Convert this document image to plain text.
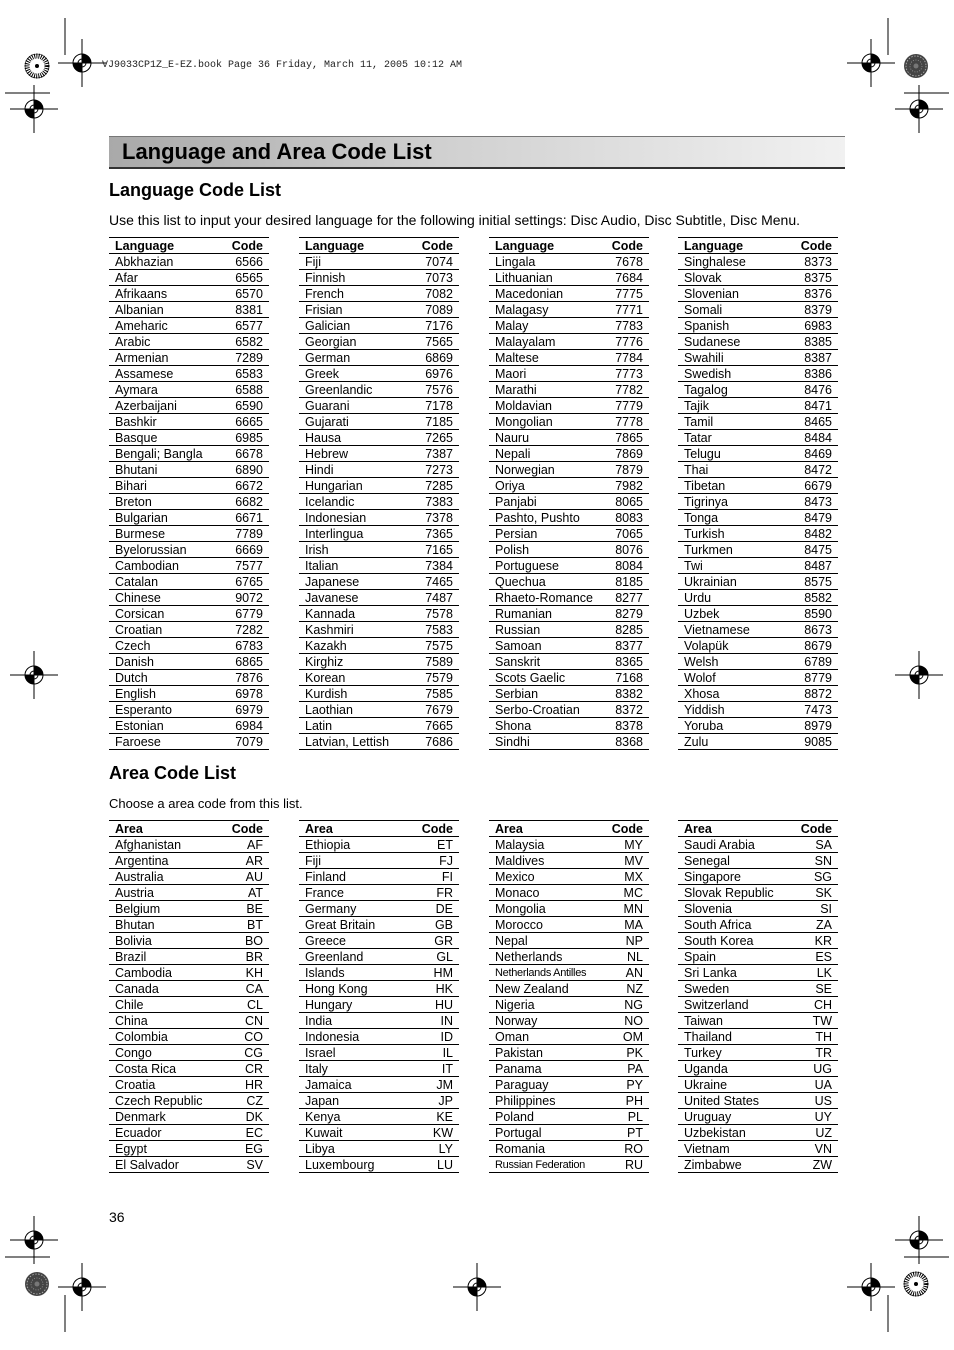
VJ9033CP1Z_E-EZ.book Page 36 Friday, March 11, 2005 10:12 AM
Language and Area Code List
Language Code List
Use this list to input your desired language for the following initial settings: Disc Audio, Disc Subtitle, Disc Menu.
Language	Code
Abkhazian	6566
Afar	6565
Afrikaans	6570
Albanian	8381
Ameharic	6577
Arabic	6582
Armenian	7289
Assamese	6583
Aymara	6588
Azerbaijani	6590
Bashkir	6665
Basque	6985
Bengali; Bangla	6678
Bhutani	6890
Bihari	6672
Breton	6682
Bulgarian	6671
Burmese	7789
Byelorussian	6669
Cambodian	7577
Catalan	6765
Chinese	9072
Corsican	6779
Croatian	7282
Czech	6783
Danish	6865
Dutch	7876
English	6978
Esperanto	6979
Estonian	6984
Faroese	7079
Language	Code
Fiji	7074
Finnish	7073
French	7082
Frisian	7089
Galician	7176
Georgian	7565
German	6869
Greek	6976
Greenlandic	7576
Guarani	7178
Gujarati	7185
Hausa	7265
Hebrew	7387
Hindi	7273
Hungarian	7285
Icelandic	7383
Indonesian	7378
Interlingua	7365
Irish	7165
Italian	7384
Japanese	7465
Javanese	7487
Kannada	7578
Kashmiri	7583
Kazakh	7575
Kirghiz	7589
Korean	7579
Kurdish	7585
Laothian	7679
Latin	7665
Latvian, Lettish	7686
Language	Code
Lingala	7678
Lithuanian	7684
Macedonian	7775
Malagasy	7771
Malay	7783
Malayalam	7776
Maltese	7784
Maori	7773
Marathi	7782
Moldavian	7779
Mongolian	7778
Nauru	7865
Nepali	7869
Norwegian	7879
Oriya	7982
Panjabi	8065
Pashto, Pushto	8083
Persian	7065
Polish	8076
Portuguese	8084
Quechua	8185
Rhaeto-Romance	8277
Rumanian	8279
Russian	8285
Samoan	8377
Sanskrit	8365
Scots Gaelic	7168
Serbian	8382
Serbo-Croatian	8372
Shona	8378
Sindhi	8368
Language	Code
Singhalese	8373
Slovak	8375
Slovenian	8376
Somali	8379
Spanish	6983
Sudanese	8385
Swahili	8387
Swedish	8386
Tagalog	8476
Tajik	8471
Tamil	8465
Tatar	8484
Telugu	8469
Thai	8472
Tibetan	6679
Tigrinya	8473
Tonga	8479
Turkish	8482
Turkmen	8475
Twi	8487
Ukrainian	8575
Urdu	8582
Uzbek	8590
Vietnamese	8673
Volapük	8679
Welsh	6789
Wolof	8779
Xhosa	8872
Yiddish	7473
Yoruba	8979
Zulu	9085
Area Code List
Choose a area code from this list.
Area	Code
Afghanistan	AF
Argentina	AR
Australia	AU
Austria	AT
Belgium	BE
Bhutan	BT
Bolivia	BO
Brazil	BR
Cambodia	KH
Canada	CA
Chile	CL
China	CN
Colombia	CO
Congo	CG
Costa Rica	CR
Croatia	HR
Czech Republic	CZ
Denmark	DK
Ecuador	EC
Egypt	EG
El Salvador	SV
Area	Code
Ethiopia	ET
Fiji	FJ
Finland	FI
France	FR
Germany	DE
Great Britain	GB
Greece	GR
Greenland	GL
Islands	HM
Hong Kong	HK
Hungary	HU
India	IN
Indonesia	ID
Israel	IL
Italy	IT
Jamaica	JM
Japan	JP
Kenya	KE
Kuwait	KW
Libya	LY
Luxembourg	LU
Area	Code
Malaysia	MY
Maldives	MV
Mexico	MX
Monaco	MC
Mongolia	MN
Morocco	MA
Nepal	NP
Netherlands	NL
Netherlands Antilles	AN
New Zealand	NZ
Nigeria	NG
Norway	NO
Oman	OM
Pakistan	PK
Panama	PA
Paraguay	PY
Philippines	PH
Poland	PL
Portugal	PT
Romania	RO
Russian Federation	RU
Area	Code
Saudi Arabia	SA
Senegal	SN
Singapore	SG
Slovak Republic	SK
Slovenia	SI
South Africa	ZA
South Korea	KR
Spain	ES
Sri Lanka	LK
Sweden	SE
Switzerland	CH
Taiwan	TW
Thailand	TH
Turkey	TR
Uganda	UG
Ukraine	UA
United States	US
Uruguay	UY
Uzbekistan	UZ
Vietnam	VN
Zimbabwe	ZW
36
